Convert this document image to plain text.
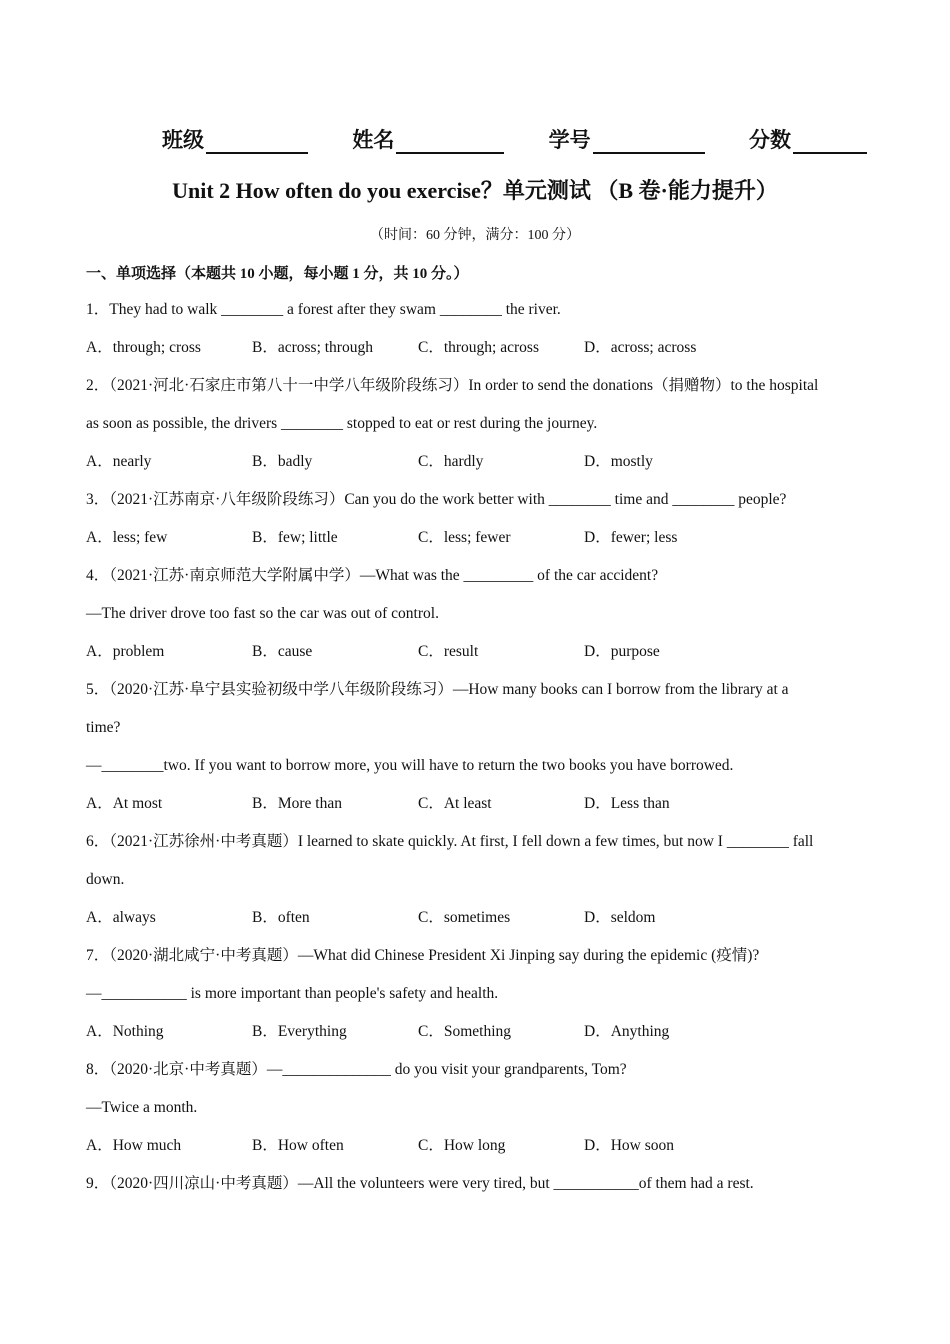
班级	姓名	学号	分数
Unit 2 How often do you exercise？单元测试 （B 卷·能力提升）
（时间：60 分钟，满分：100 分）
一、单项选择（本题共 10 小题，每小题 1 分，共 10 分。）
1．They had to walk ________ a forest after they swam ________ the river.
A．through; cross	B．across; through	C．through; across	D．across; across
2．（2021·河北·石家庄市第八十一中学八年级阶段练习）In order to send the donations（捐赠物）to the hospital
as soon as possible, the drivers ________ stopped to eat or rest during the journey.
A．nearly	B．badly	C．hardly	D．mostly
3．（2021·江苏南京·八年级阶段练习）Can you do the work better with ________ time and ________ people?
A．less; few	B．few; little	C．less; fewer	D．fewer; less
4．（2021·江苏·南京师范大学附属中学）—What was the _________ of the car accident?
—The driver drove too fast so the car was out of control.
A．problem	B．cause	C．result	D．purpose
5．（2020·江苏·阜宁县实验初级中学八年级阶段练习）—How many books can I borrow from the library at a
time?
—________two. If you want to borrow more, you will have to return the two books you have borrowed.
A．At most	B．More than	C．At least	D．Less than
6．（2021·江苏徐州·中考真题）I learned to skate quickly. At first, I fell down a few times, but now I ________ fall
down.
A．always	B．often	C．sometimes	D．seldom
7．（2020·湖北咸宁·中考真题）—What did Chinese President Xi Jinping say during the epidemic (疫情)?
—___________ is more important than people's safety and health.
A．Nothing	B．Everything	C．Something	D．Anything
8．（2020·北京·中考真题）—______________ do you visit your grandparents, Tom?
—Twice a month.
A．How much	B．How often	C．How long	D．How soon
9．（2020·四川凉山·中考真题）—All the volunteers were very tired, but ___________of them had a rest.
